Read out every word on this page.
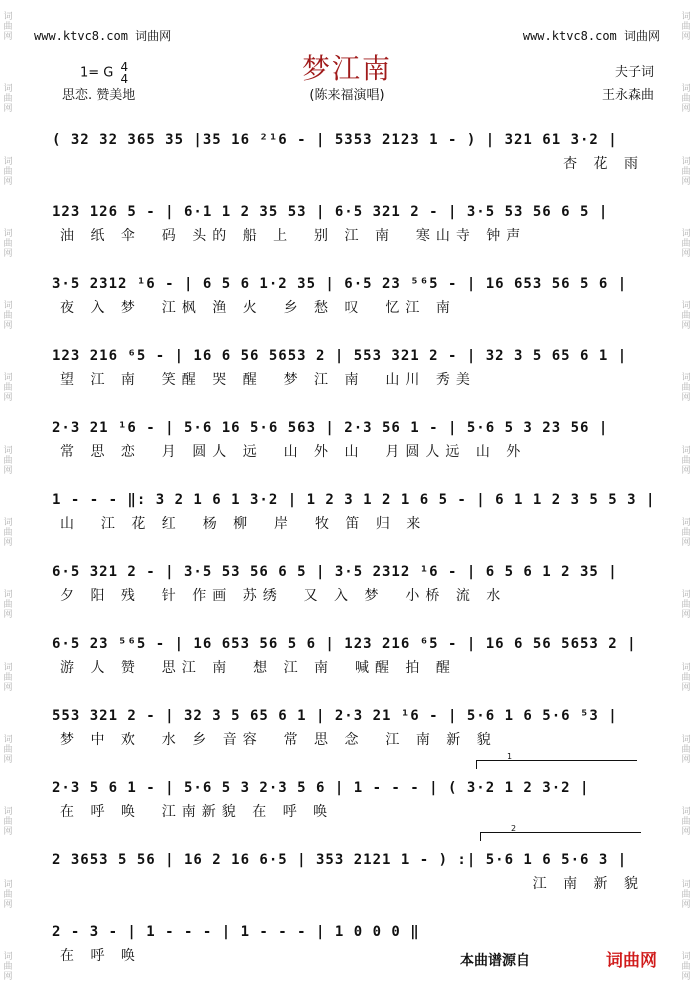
词
曲
网
词
曲
网
词
曲
网
词
曲
网
词
曲
网
词
曲
网
词
曲
网
词
曲
网
词
曲
网
词
曲
网
词
曲
网
词
曲
网
词
曲
网
词
曲
网
词
曲
网
词
曲
网
词
曲
网
词
曲
网
词
曲
网
词
曲
网
词
曲
网
词
曲
网
词
曲
网
词
曲
网
词
曲
网
词
曲
网
词
曲
网
词
曲
网
www.ktvc8.com 词曲网	www.ktvc8.com 词曲网
梦江南
1= G 4
4
思恋. 赞美地	(陈来福演唱)
夫子词
王永森曲
( 32 32 365 35 |35 16 ²¹6 - | 5353 2123 1 - ) | 321 61 3·2 |
杏 花 雨
123 126 5 - | 6·1 1 2 35 53 | 6·5 321 2 - | 3·5 53 56 6 5 |
油 纸 伞  码 头的 船 上  别 江 南  寒山寺 钟声
3·5 2312 ¹6 - | 6 5 6 1·2 35 | 6·5 23 ⁵⁶5 - | 16 653 56 5 6 |
夜 入 梦  江枫 渔 火  乡 愁 叹  忆江 南
123 216 ⁶5 - | 16 6 56 5653 2 | 553 321 2 - | 32 3 5 65 6 1 |
望 江 南  笑醒 哭 醒  梦 江 南  山川 秀美
2·3 21 ¹6 - | 5·6 16 5·6 563 | 2·3 56 1 - | 5·6 5 3 23 56 |
常 思 恋  月 圆人 远  山 外 山  月圆人远 山 外
1 - - - ‖: 3 2 1 6 1 3·2 | 1 2 3 1 2 1 6 5 - | 6 1 1 2 3 5 5 3 |
山  江 花 红  杨 柳  岸  牧 笛 归 来
6·5 321 2 - | 3·5 53 56 6 5 | 3·5 2312 ¹6 - | 6 5 6 1 2 35 |
夕 阳 残  针 作画 苏绣  又 入 梦  小桥 流 水
6·5 23 ⁵⁶5 - | 16 653 56 5 6 | 123 216 ⁶5 - | 16 6 56 5653 2 |
游 人 赞  思江 南  想 江 南  喊醒 拍 醒
553 321 2 - | 32 3 5 65 6 1 | 2·3 21 ¹6 - | 5·6 1 6 5·6 ⁵3 |
梦 中 欢  水 乡 音容  常 思 念  江 南 新 貌
1
2·3 5 6 1 - | 5·6 5 3 2·3 5 6 | 1 - - - | ( 3·2 1 2 3·2 |
在 呼 唤  江南新貌 在 呼 唤
2
2 3653 5 56 | 16 2 16 6·5 | 353 2121 1 - ) :| 5·6 1 6 5·6 3 |
江 南 新 貌
2 - 3 - | 1 - - - | 1 - - - | 1 0 0 0 ‖
在 呼 唤	本曲谱源自	词曲网
